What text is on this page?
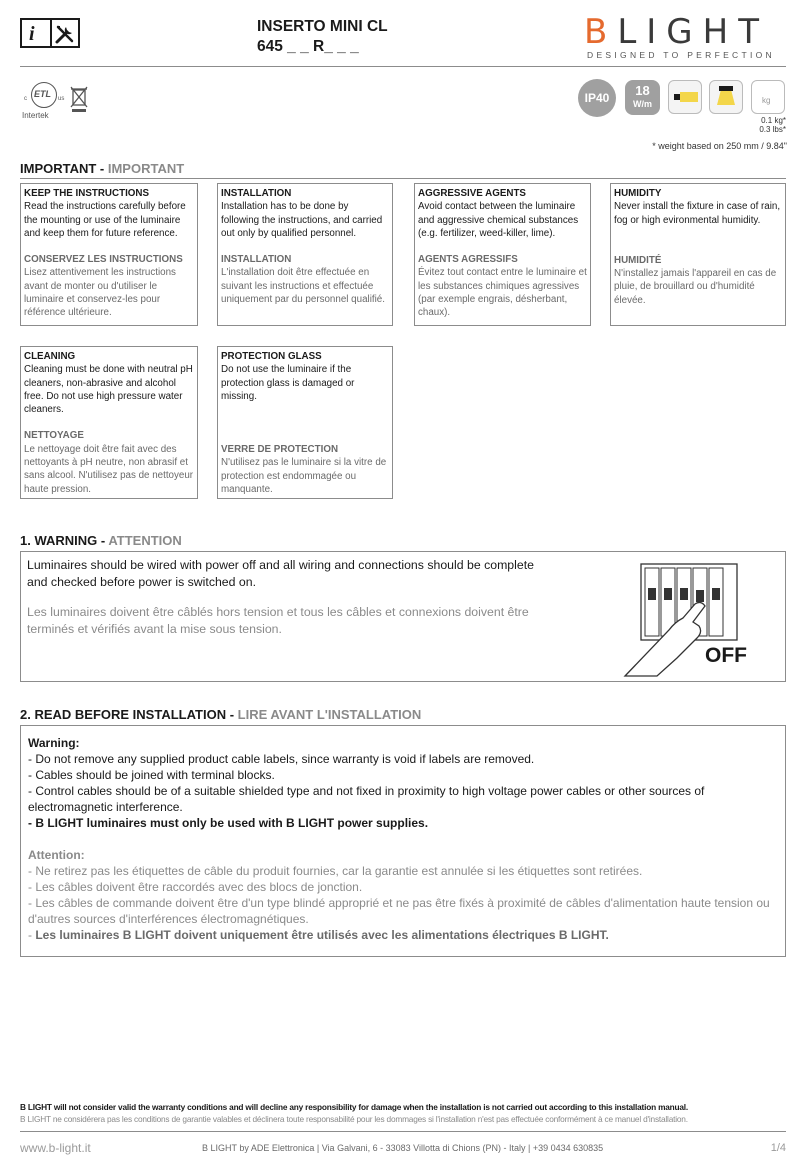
i	INSERTO MINI CL
645 _ _ R_ _ _	BLIGHT
DESIGNED TO PERFECTION
ETL
c	us
Intertek
IP40	18
W/m	kg
0.1 kg*
0.3 lbs*
* weight based on 250 mm / 9.84"
IMPORTANT - IMPORTANT
KEEP THE INSTRUCTIONS
Read the instructions carefully before the mounting or use of the luminaire and keep them for future reference.
CONSERVEZ LES INSTRUCTIONS
Lisez attentivement les instructions avant de monter ou d'utiliser le luminaire et conservez-les pour référence ultérieure.
INSTALLATION
Installation has to be done by following the instructions, and carried out only by qualified personnel.
INSTALLATION
L'installation doit être effectuée en suivant les instructions et effectuée uniquement par du personnel qualifié.
AGGRESSIVE AGENTS
Avoid contact between the luminaire and aggressive chemical substances (e.g. fertilizer, weed-killer, lime).
AGENTS AGRESSIFS
Évitez tout contact entre le luminaire et les substances chimiques agressives (par exemple engrais, désherbant, chaux).
HUMIDITY
Never install the fixture in case of rain, fog or high evironmental humidity.
HUMIDITÉ
N'installez jamais l'appareil en cas de pluie, de brouillard ou d'humidité élevée.
CLEANING
Cleaning must be done with neutral pH cleaners, non-abrasive and alcohol free. Do not use high pressure water cleaners.
NETTOYAGE
Le nettoyage doit être fait avec des nettoyants à pH neutre, non abrasif et sans alcool. N'utilisez pas de nettoyeur haute pression.
PROTECTION GLASS
Do not use the luminaire if the protection glass is damaged or missing.
VERRE DE PROTECTION
N'utilisez pas le luminaire si la vitre de protection est endommagée ou manquante.
1. WARNING - ATTENTION
Luminaires should be wired with power off and all wiring and connections should be complete and checked before power is switched on.
Les luminaires doivent être câblés hors tension et tous les câbles et connexions doivent être terminés et vérifiés avant la mise sous tension.
OFF
2. READ BEFORE INSTALLATION - LIRE AVANT L'INSTALLATION
Warning:
- Do not remove any supplied product cable labels, since warranty is void if labels are removed.
- Cables should be joined with terminal blocks.
- Control cables should be of a suitable shielded type and not fixed in proximity to high voltage power cables or other sources of electromagnetic interference.
- B LIGHT luminaires must only be used with B LIGHT power supplies.
Attention:
- Ne retirez pas les étiquettes de câble du produit fournies, car la garantie est annulée si les étiquettes sont retirées.
- Les câbles doivent être raccordés avec des blocs de jonction.
- Les câbles de commande doivent être d'un type blindé approprié et ne pas être fixés à proximité de câbles d'alimentation haute tension ou d'autres sources d'interférences électromagnétiques.
- Les luminaires B LIGHT doivent uniquement être utilisés avec les alimentations électriques B LIGHT.
B LIGHT will not consider valid the warranty conditions and will decline any responsibility for damage when the installation is not carried out according to this installation manual.
B LIGHT ne considérera pas les conditions de garantie valables et déclinera toute responsabilité pour les dommages si l'installation n'est pas effectuée conformément à ce manuel d'installation.
www.b-light.it	B LIGHT by ADE Elettronica | Via Galvani, 6 - 33083 Villotta di Chions (PN) - Italy | +39 0434 630835	1/4
